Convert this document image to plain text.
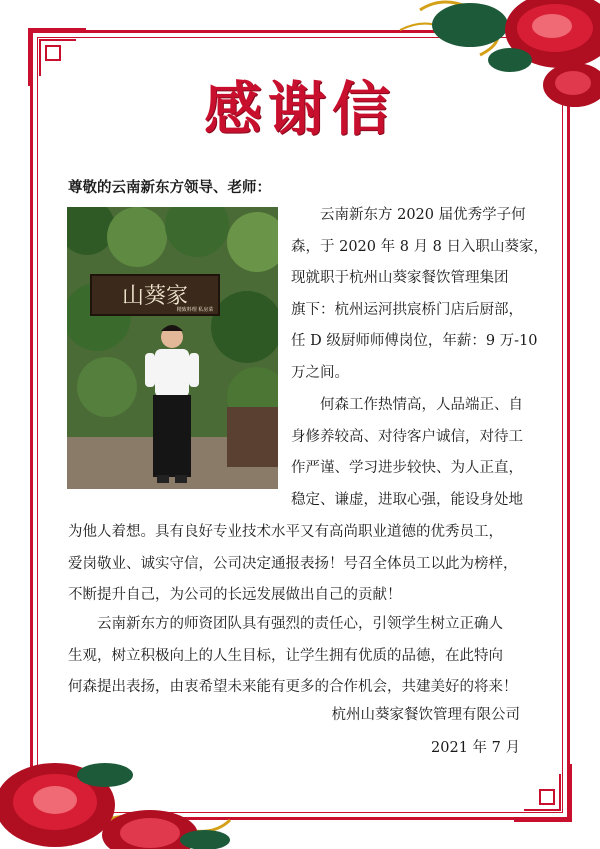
感谢信
尊敬的云南新东方领导、老师：
山葵家
精致料理 私房菜
云南新东方 2020 届优秀学子何
森，于 2020 年 8 月 8 日入职山葵家，
现就职于杭州山葵家餐饮管理集团
旗下：杭州运河拱宸桥门店后厨部，
任 D 级厨师师傅岗位，年薪：9 万-10
万之间。
何森工作热情高，人品端正、自
身修养较高、对待客户诚信，对待工
作严谨、学习进步较快、为人正直，
稳定、谦虚，进取心强，能设身处地
为他人着想。具有良好专业技术水平又有高尚职业道德的优秀员工，
爱岗敬业、诚实守信，公司决定通报表扬！号召全体员工以此为榜样，
不断提升自己，为公司的长远发展做出自己的贡献！
云南新东方的师资团队具有强烈的责任心，引领学生树立正确人
生观，树立积极向上的人生目标，让学生拥有优质的品德，在此特向
何森提出表扬，由衷希望未来能有更多的合作机会，共建美好的将来！
杭州山葵家餐饮管理有限公司
2021 年 7 月
